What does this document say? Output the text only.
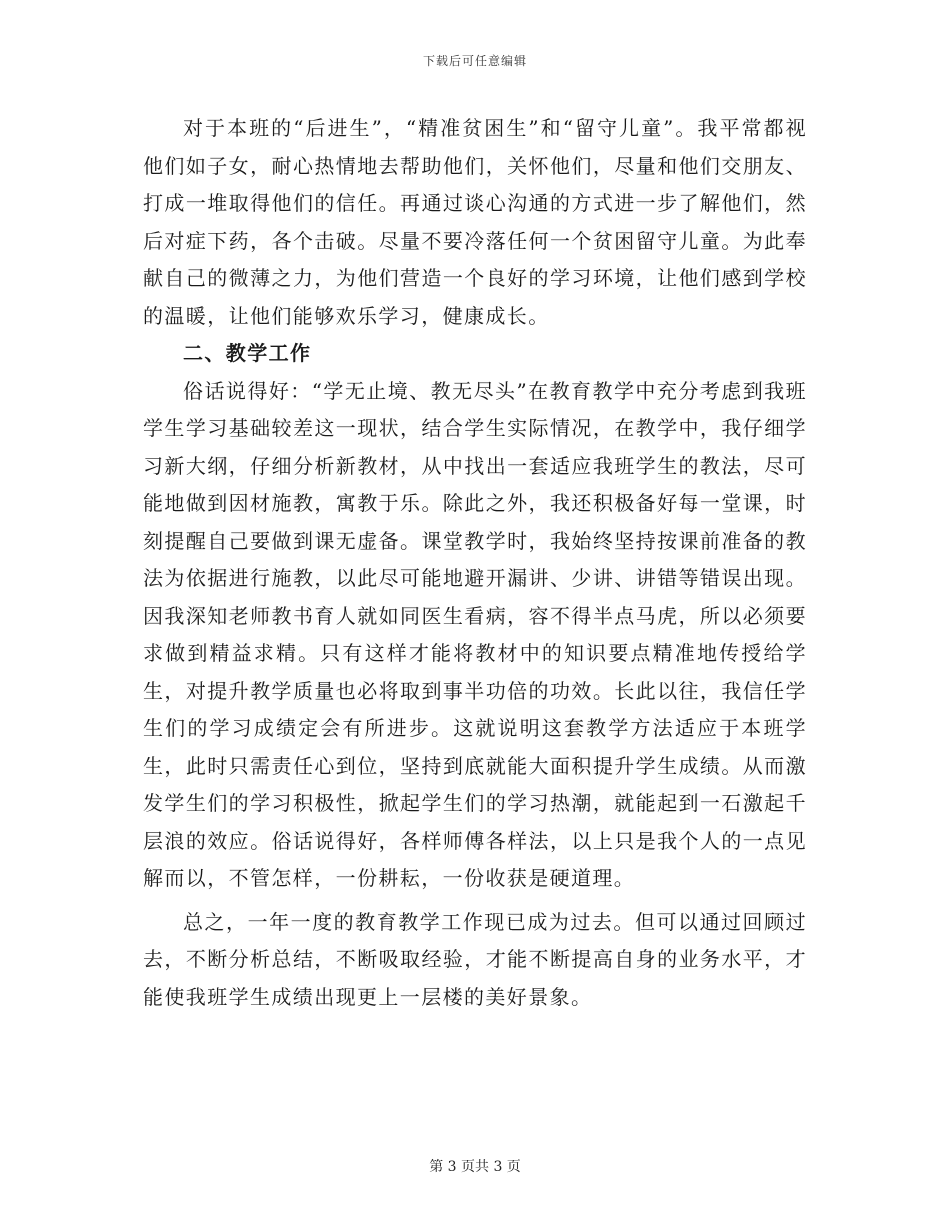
下载后可任意编辑

对于本班的“后进生”，“精准贫困生”和“留守儿童”。我平常都视他们如子女，耐心热情地去帮助他们，关怀他们，尽量和他们交朋友、打成一堆取得他们的信任。再通过谈心沟通的方式进一步了解他们，然后对症下药，各个击破。尽量不要冷落任何一个贫困留守儿童。为此奉献自己的微薄之力，为他们营造一个良好的学习环境，让他们感到学校的温暖，让他们能够欢乐学习，健康成长。

二、教学工作

俗话说得好：“学无止境、教无尽头”在教育教学中充分考虑到我班学生学习基础较差这一现状，结合学生实际情况，在教学中，我仔细学习新大纲，仔细分析新教材，从中找出一套适应我班学生的教法，尽可能地做到因材施教，寓教于乐。除此之外，我还积极备好每一堂课，时刻提醒自己要做到课无虚备。课堂教学时，我始终坚持按课前准备的教法为依据进行施教，以此尽可能地避开漏讲、少讲、讲错等错误出现。因我深知老师教书育人就如同医生看病，容不得半点马虎，所以必须要求做到精益求精。只有这样才能将教材中的知识要点精准地传授给学生，对提升教学质量也必将取到事半功倍的功效。长此以往，我信任学生们的学习成绩定会有所进步。这就说明这套教学方法适应于本班学生，此时只需责任心到位，坚持到底就能大面积提升学生成绩。从而激发学生们的学习积极性，掀起学生们的学习热潮，就能起到一石激起千层浪的效应。俗话说得好，各样师傅各样法，以上只是我个人的一点见解而以，不管怎样，一份耕耘，一份收获是硬道理。

总之，一年一度的教育教学工作现已成为过去。但可以通过回顾过去，不断分析总结，不断吸取经验，才能不断提高自身的业务水平，才能使我班学生成绩出现更上一层楼的美好景象。

第 3 页共 3 页
